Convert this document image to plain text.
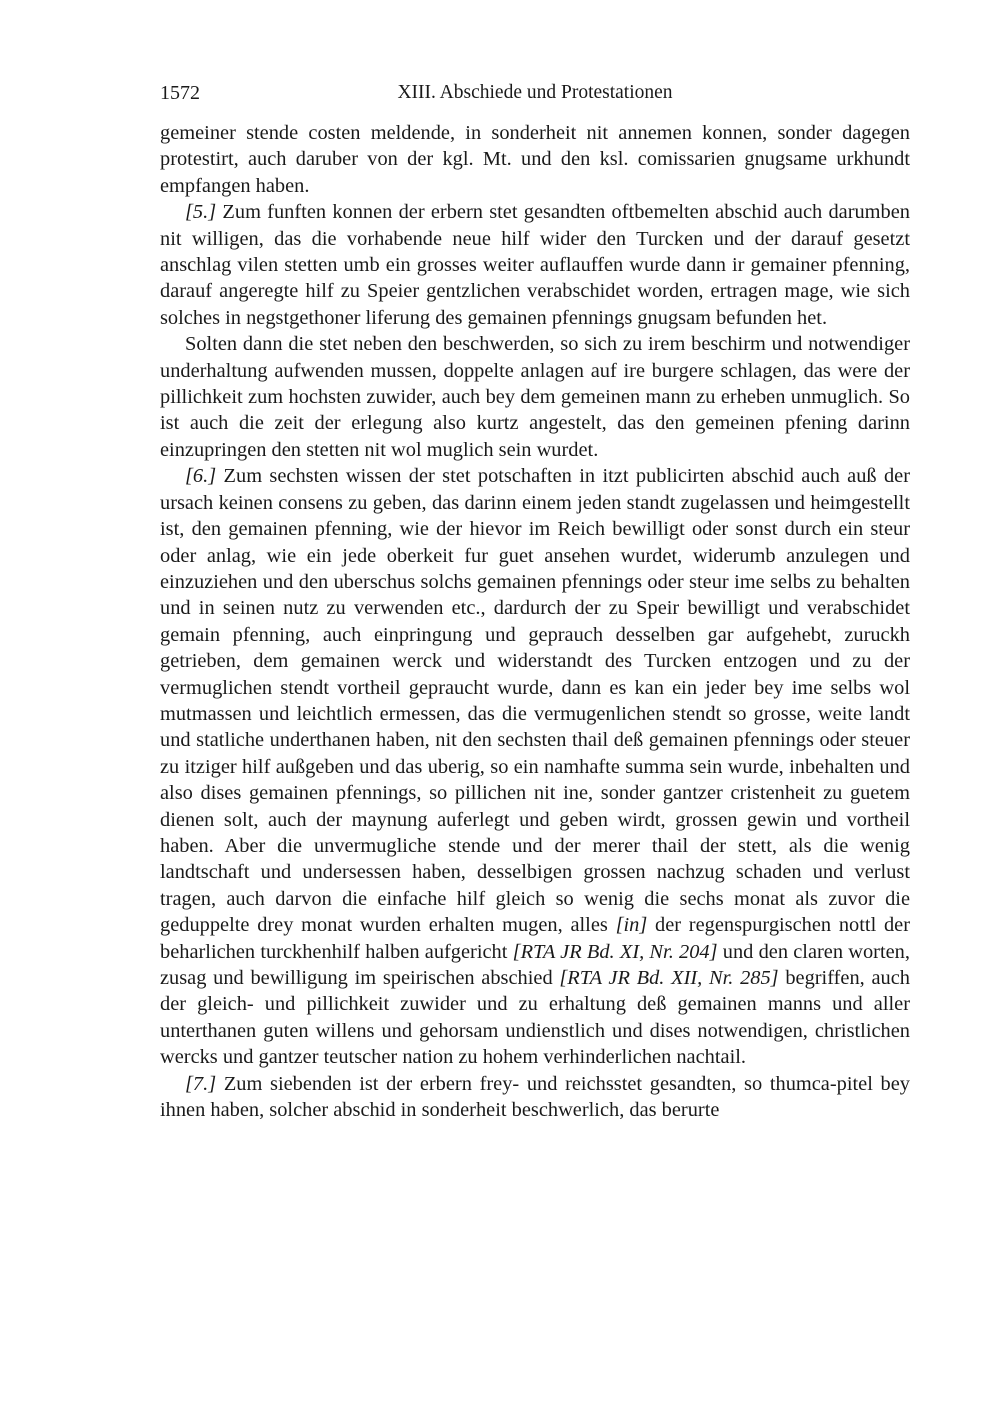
1572	XIII. Abschiede und Protestationen

gemeiner stende costen meldende, in sonderheit nit annemen konnen, sonder dagegen protestirt, auch daruber von der kgl. Mt. und den ksl. comissarien gnugsame urkhundt empfangen haben.

[5.] Zum funften konnen der erbern stet gesandten oftbemelten abschid auch darumben nit willigen, das die vorhabende neue hilf wider den Turcken und der darauf gesetzt anschlag vilen stetten umb ein grosses weiter auflauffen wurde dann ir gemainer pfenning, darauf angeregte hilf zu Speier gentzlichen verabschidet worden, ertragen mage, wie sich solches in negstgethoner liferung des gemainen pfennings gnugsam befunden het.

Solten dann die stet neben den beschwerden, so sich zu irem beschirm und notwendiger underhaltung aufwenden mussen, doppelte anlagen auf ire burgere schlagen, das were der pillichkeit zum hochsten zuwider, auch bey dem gemeinen mann zu erheben unmuglich. So ist auch die zeit der erlegung also kurtz angestelt, das den gemeinen pfening darinn einzupringen den stetten nit wol muglich sein wurdet.

[6.] Zum sechsten wissen der stet potschaften in itzt publicirten abschid auch auß der ursach keinen consens zu geben, das darinn einem jeden standt zugelassen und heimgestellt ist, den gemainen pfenning, wie der hievor im Reich bewilligt oder sonst durch ein steur oder anlag, wie ein jede oberkeit fur guet ansehen wurdet, widerumb anzulegen und einzuziehen und den uberschus solchs gemainen pfennings oder steur ime selbs zu behalten und in seinen nutz zu verwenden etc., dardurch der zu Speir bewilligt und verabschidet gemain pfenning, auch einpringung und geprauch desselben gar aufgehebt, zuruckh getrieben, dem gemainen werck und widerstandt des Turcken entzogen und zu der vermuglichen stendt vortheil gepraucht wurde, dann es kan ein jeder bey ime selbs wol mutmassen und leichtlich ermessen, das die vermugenlichen stendt so grosse, weite landt und statliche underthanen haben, nit den sechsten thail deß gemainen pfennings oder steuer zu itziger hilf außgeben und das uberig, so ein namhafte summa sein wurde, inbehalten und also dises gemainen pfennings, so pillichen nit ine, sonder gantzer cristenheit zu guetem dienen solt, auch der maynung auferlegt und geben wirdt, grossen gewin und vortheil haben. Aber die unvermugliche stende und der merer thail der stett, als die wenig landtschaft und undersessen haben, desselbigen grossen nachzug schaden und verlust tragen, auch darvon die einfache hilf gleich so wenig die sechs monat als zuvor die geduppelte drey monat wurden erhalten mugen, alles [in] der regenspurgischen nottl der beharlichen turckhenhilf halben aufgericht [RTA JR Bd. XI, Nr. 204] und den claren worten, zusag und bewilligung im speirischen abschied [RTA JR Bd. XII, Nr. 285] begriffen, auch der gleich- und pillichkeit zuwider und zu erhaltung deß gemainen manns und aller unterthanen guten willens und gehorsam undienstlich und dises notwendigen, christlichen wercks und gantzer teutscher nation zu hohem verhinderlichen nachtail.

[7.] Zum siebenden ist der erbern frey- und reichsstet gesandten, so thumca-pitel bey ihnen haben, solcher abschid in sonderheit beschwerlich, das berurte
